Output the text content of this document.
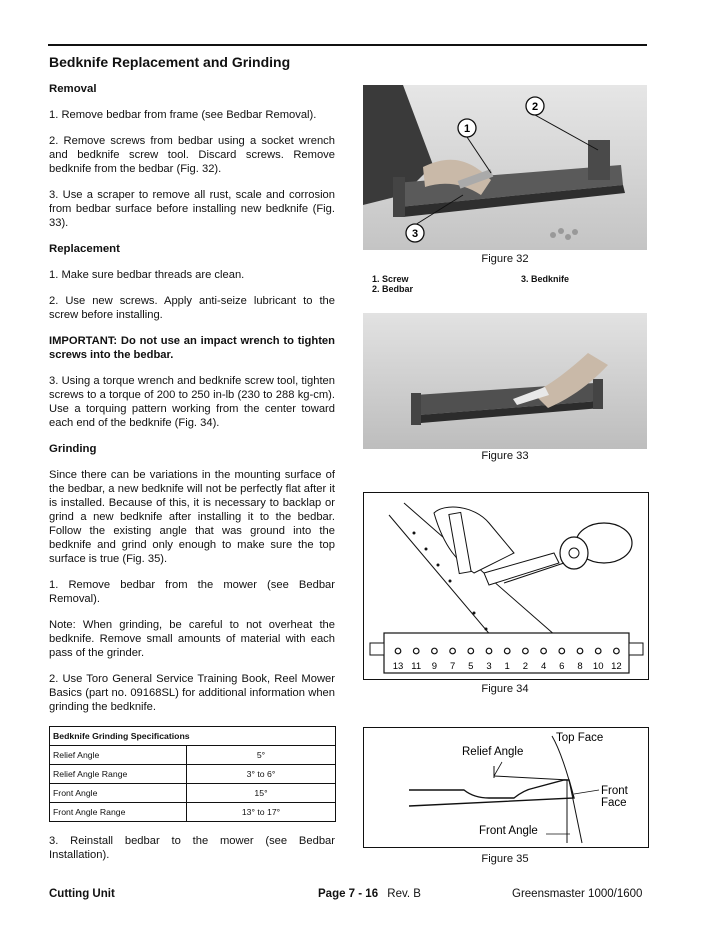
Bedknife Replacement and Grinding
Removal

1. Remove bedbar from frame (see Bedbar Removal).

2. Remove screws from bedbar using a socket wrench and bedknife screw tool. Discard screws. Remove bedknife from the bedbar (Fig. 32).

3. Use a scraper to remove all rust, scale and corrosion from bedbar surface before installing new bedknife (Fig. 33).

Replacement

1. Make sure bedbar threads are clean.

2. Use new screws. Apply anti-seize lubricant to the screw before installing.

IMPORTANT: Do not use an impact wrench to tighten screws into the bedbar.

3. Using a torque wrench and bedknife screw tool, tighten screws to a torque of 200 to 250 in-lb (230 to 288 kg-cm). Use a torquing pattern working from the center toward each end of the bedknife (Fig. 34).

Grinding

Since there can be variations in the mounting surface of the bedbar, a new bedknife will not be perfectly flat after it is installed. Because of this, it is necessary to backlap or grind a new bedknife after installing it to the bedbar. Follow the existing angle that was ground into the bedknife and grind only enough to make sure the top surface is true (Fig. 35).

1. Remove bedbar from the mower (see Bedbar Removal).

Note: When grinding, be careful to not overheat the bedknife. Remove small amounts of material with each pass of the grinder.

2. Use Toro General Service Training Book, Reel Mower Basics (part no. 09168SL) for additional information when grinding the bedknife.

Bedknife Grinding Specifications	
Relief Angle	5°
Relief Angle Range	3° to 6°
Front Angle	15°
Front Angle Range	13° to 17°

3. Reinstall bedbar to the mower (see Bedbar Installation).

1
2
3
Figure 32
1. Screw
2. Bedbar
3. Bedknife
Figure 33
13 11 9 7 5 3 1 2 4 6 8 10 12
Figure 34
Top Face
Relief Angle
Front
Face
Front Angle
Figure 35
Cutting Unit	Page 7 - 16 Rev. B	Greensmaster 1000/1600
